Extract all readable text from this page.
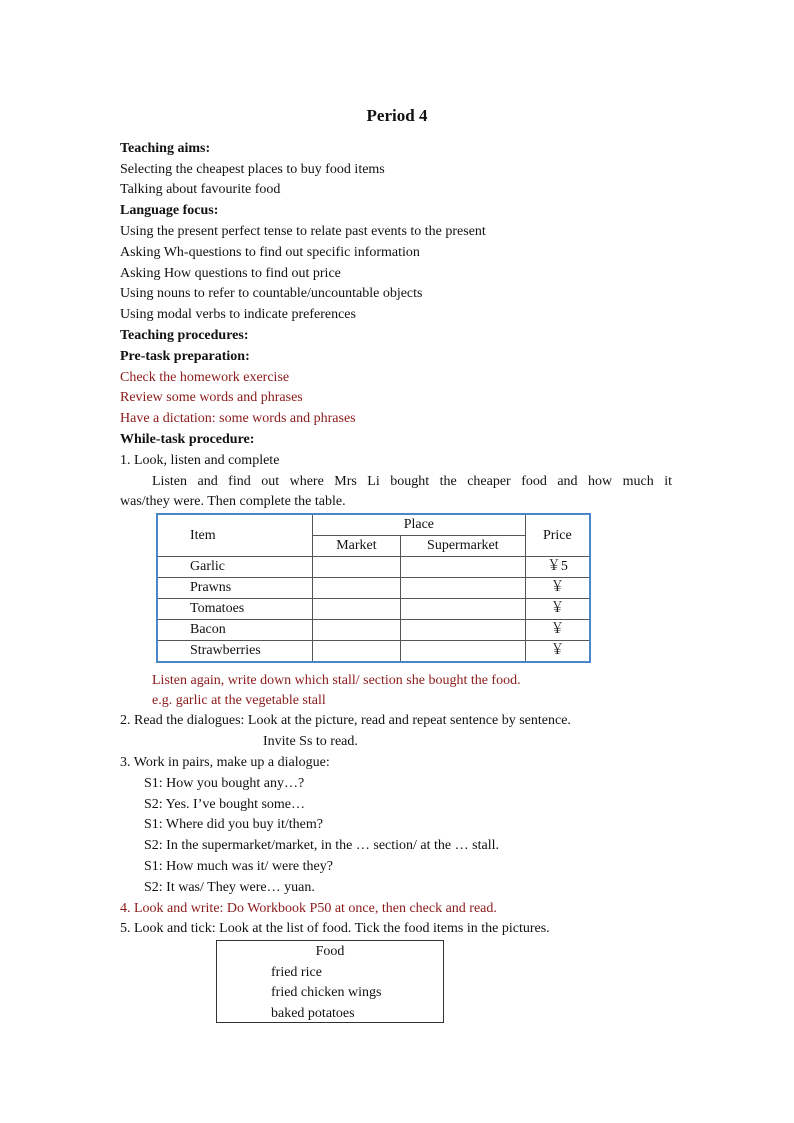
Period 4
Teaching aims:
Selecting the cheapest places to buy food items
Talking about favourite food
Language focus:
Using the present perfect tense to relate past events to the present
Asking Wh-questions to find out specific information
Asking How questions to find out price
Using nouns to refer to countable/uncountable objects
Using modal verbs to indicate preferences
Teaching procedures:
Pre-task preparation:
Check the homework exercise
Review some words and phrases
Have a dictation: some words and phrases
While-task procedure:
1. Look, listen and complete
Listen and find out where Mrs Li bought the cheaper food and how much it
was/they were. Then complete the table.
Item	Place		Price
	Market	Supermarket	
Garlic			￥5
Prawns			￥
Tomatoes			￥
Bacon			￥
Strawberries			￥
Listen again, write down which stall/ section she bought the food.
e.g. garlic at the vegetable stall
2. Read the dialogues: Look at the picture, read and repeat sentence by sentence.
Invite Ss to read.
3. Work in pairs, make up a dialogue:
S1: How you bought any…?
S2: Yes. I’ve bought some…
S1: Where did you buy it/them?
S2: In the supermarket/market, in the … section/ at the … stall.
S1: How much was it/ were they?
S2: It was/ They were… yuan.
4. Look and write: Do Workbook P50 at once, then check and read.
5. Look and tick: Look at the list of food. Tick the food items in the pictures.
Food
fried rice
fried chicken wings
baked potatoes
